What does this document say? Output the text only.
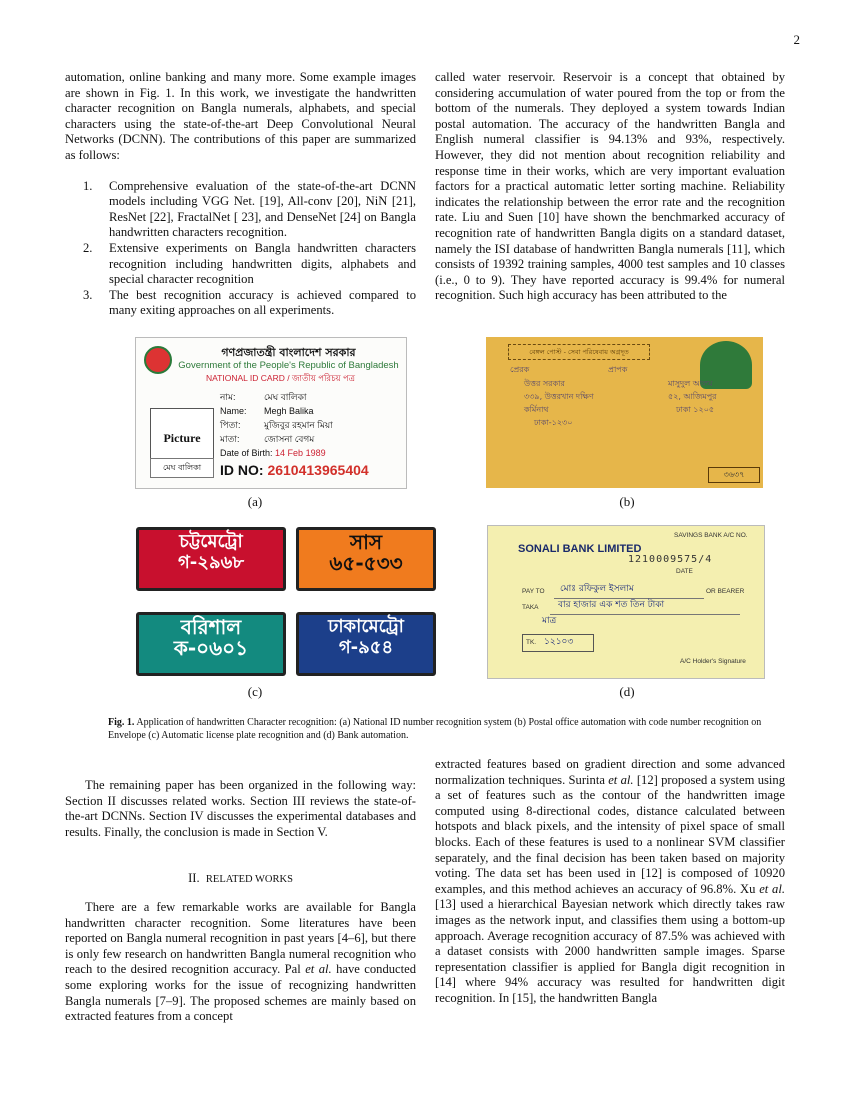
2

automation, online banking and many more. Some example images are shown in Fig. 1. In this work, we investigate the handwritten character recognition on Bangla numerals, alphabets, and special characters using the state-of-the-art Deep Convolutional Neural Networks (DCNN). The contributions of this paper are summarized as follows:

1. Comprehensive evaluation of the state-of-the-art DCNN models including VGG Net. [19], All-conv [20], NiN [21], ResNet [22], FractalNet [ 23], and DenseNet [24] on Bangla handwritten characters recognition.
2. Extensive experiments on Bangla handwritten characters recognition including handwritten digits, alphabets and special character recognition
3. The best recognition accuracy is achieved compared to many exiting approaches on all experiments.

called water reservoir. Reservoir is a concept that obtained by considering accumulation of water poured from the top or from the bottom of the numerals. They deployed a system towards Indian postal automation. The accuracy of the handwritten Bangla and English numeral classifier is 94.13% and 93%, respectively. However, they did not mention about recognition reliability and response time in their works, which are very important evaluation factors for a practical automatic letter sorting machine. Reliability indicates the relationship between the error rate and the recognition rate. Liu and Suen [10] have shown the benchmarked accuracy of recognition rate of handwritten Bangla digits on a standard dataset, namely the ISI database of handwritten Bangla numerals [11], which consists of 19392 training samples, 4000 test samples and 10 classes (i.e., 0 to 9). They have reported accuracy is 99.4% for numeral recognition. Such high accuracy has been attributed to the

গণপ্রজাতন্ত্রী বাংলাদেশ সরকার
Government of the People's Republic of Bangladesh
NATIONAL ID CARD / জাতীয় পরিচয় পত্র
Picture
মেঘ বালিকা
নাম:	মেঘ বালিকা
Name: Megh Balika
পিতা:	মুজিবুর রহমান মিয়া
মাতা:	জোসনা বেগম
Date of Birth: 14 Feb 1989
ID NO: 2610413965404
(a)
বেঙ্গল পোস্ট - সেবা পরিষেবায় অগ্রদূত
প্রেরক	প্রাপক
উত্তর সরকার
৩৩৯, উত্তরখান দক্ষিণ
কর্মিনাথ
ঢাকা-১২৩০
মাসুদুল আলম
৫২, আজিমপুর
ঢাকা ১২০৫
৩৬৩৭
(b)
চট্টমেট্রো
গ-২৯৬৮
সাস
৬৫-৫৩৩
বরিশাল
ক-০৬০১
ঢাকামেট্রো
গ-৯৫৪
(c)
SONALI BANK LIMITED
SAVINGS BANK A/C NO.
1210009575/4
DATE
PAY TO মোঃ রফিকুল ইসলাম	OR BEARER
TAKA বার হাজার এক শত তিন টাকা
মাত্র
TK. ১২১০৩
A/C Holder's Signature
(d)
Fig. 1. Application of handwritten Character recognition: (a) National ID number recognition system (b) Postal office automation with code number recognition on Envelope (c) Automatic license plate recognition and (d) Bank automation.

The remaining paper has been organized in the following way: Section II discusses related works. Section III reviews the state-of-the-art DCNNs. Section IV discusses the experimental databases and results. Finally, the conclusion is made in Section V.

II. RELATED WORKS

There are a few remarkable works are available for Bangla handwritten character recognition. Some literatures have been reported on Bangla numeral recognition in past years [4–6], but there is only few research on handwritten Bangla numeral recognition who reach to the desired recognition accuracy. Pal et al. have conducted some exploring works for the issue of recognizing handwritten Bangla numerals [7–9]. The proposed schemes are mainly based on extracted features from a concept

extracted features based on gradient direction and some advanced normalization techniques. Surinta et al. [12] proposed a system using a set of features such as the contour of the handwritten image computed using 8-directional codes, distance calculated between hotspots and black pixels, and the intensity of pixel space of small blocks. Each of these features is used to a nonlinear SVM classifier separately, and the final decision has been taken based on majority voting. The data set has been used in [12] is composed of 10920 examples, and this method achieves an accuracy of 96.8%. Xu et al. [13] used a hierarchical Bayesian network which directly takes raw images as the network input, and classifies them using a bottom-up approach. Average recognition accuracy of 87.5% was achieved with a dataset consists with 2000 handwritten sample images. Sparse representation classifier is applied for Bangla digit recognition in [14] where 94% accuracy was resulted for handwritten digit recognition. In [15], the handwritten Bangla
